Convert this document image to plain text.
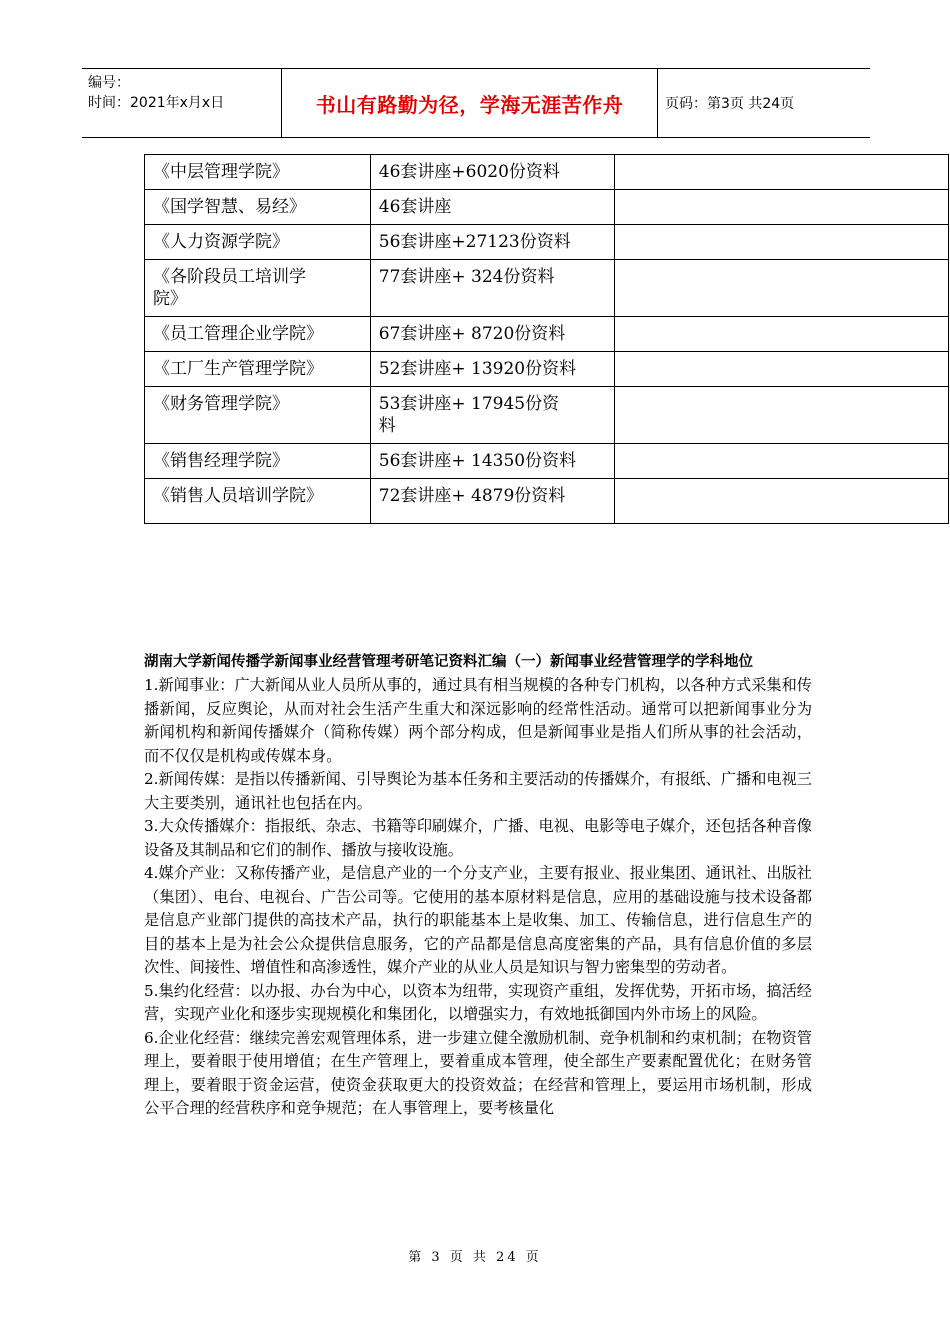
编号：
时间：2021年x月x日	书山有路勤为径，学海无涯苦作舟	页码：第3页 共24页
《中层管理学院》	46套讲座+6020份资料	
《国学智慧、易经》	46套讲座	
《人力资源学院》	56套讲座+27123份资料	
《各阶段员工培训学院》	77套讲座+ 324份资料	
《员工管理企业学院》	67套讲座+ 8720份资料	
《工厂生产管理学院》	52套讲座+ 13920份资料	
《财务管理学院》	53套讲座+ 17945份资料	
《销售经理学院》	56套讲座+ 14350份资料	
《销售人员培训学院》	72套讲座+ 4879份资料	
湖南大学新闻传播学新闻事业经营管理考研笔记资料汇编（一）新闻事业经营管理学的学科地位

1.新闻事业：广大新闻从业人员所从事的，通过具有相当规模的各种专门机构，以各种方式采集和传播新闻，反应舆论，从而对社会生活产生重大和深远影响的经常性活动。通常可以把新闻事业分为新闻机构和新闻传播媒介（简称传媒）两个部分构成，但是新闻事业是指人们所从事的社会活动，而不仅仅是机构或传媒本身。

2.新闻传媒：是指以传播新闻、引导舆论为基本任务和主要活动的传播媒介，有报纸、广播和电视三大主要类别，通讯社也包括在内。

3.大众传播媒介：指报纸、杂志、书籍等印刷媒介，广播、电视、电影等电子媒介，还包括各种音像设备及其制品和它们的制作、播放与接收设施。

4.媒介产业：又称传播产业，是信息产业的一个分支产业，主要有报业、报业集团、通讯社、出版社（集团）、电台、电视台、广告公司等。它使用的基本原材料是信息，应用的基础设施与技术设备都是信息产业部门提供的高技术产品，执行的职能基本上是收集、加工、传输信息，进行信息生产的目的基本上是为社会公众提供信息服务，它的产品都是信息高度密集的产品，具有信息价值的多层次性、间接性、增值性和高渗透性，媒介产业的从业人员是知识与智力密集型的劳动者。

5.集约化经营：以办报、办台为中心，以资本为纽带，实现资产重组，发挥优势，开拓市场，搞活经营，实现产业化和逐步实现规模化和集团化，以增强实力，有效地抵御国内外市场上的风险。

6.企业化经营：继续完善宏观管理体系，进一步建立健全激励机制、竞争机制和约束机制；在物资管理上，要着眼于使用增值；在生产管理上，要着重成本管理，使全部生产要素配置优化；在财务管理上，要着眼于资金运营，使资金获取更大的投资效益；在经营和管理上，要运用市场机制，形成公平合理的经营秩序和竞争规范；在人事管理上，要考核量化

第 3 页 共 24 页
